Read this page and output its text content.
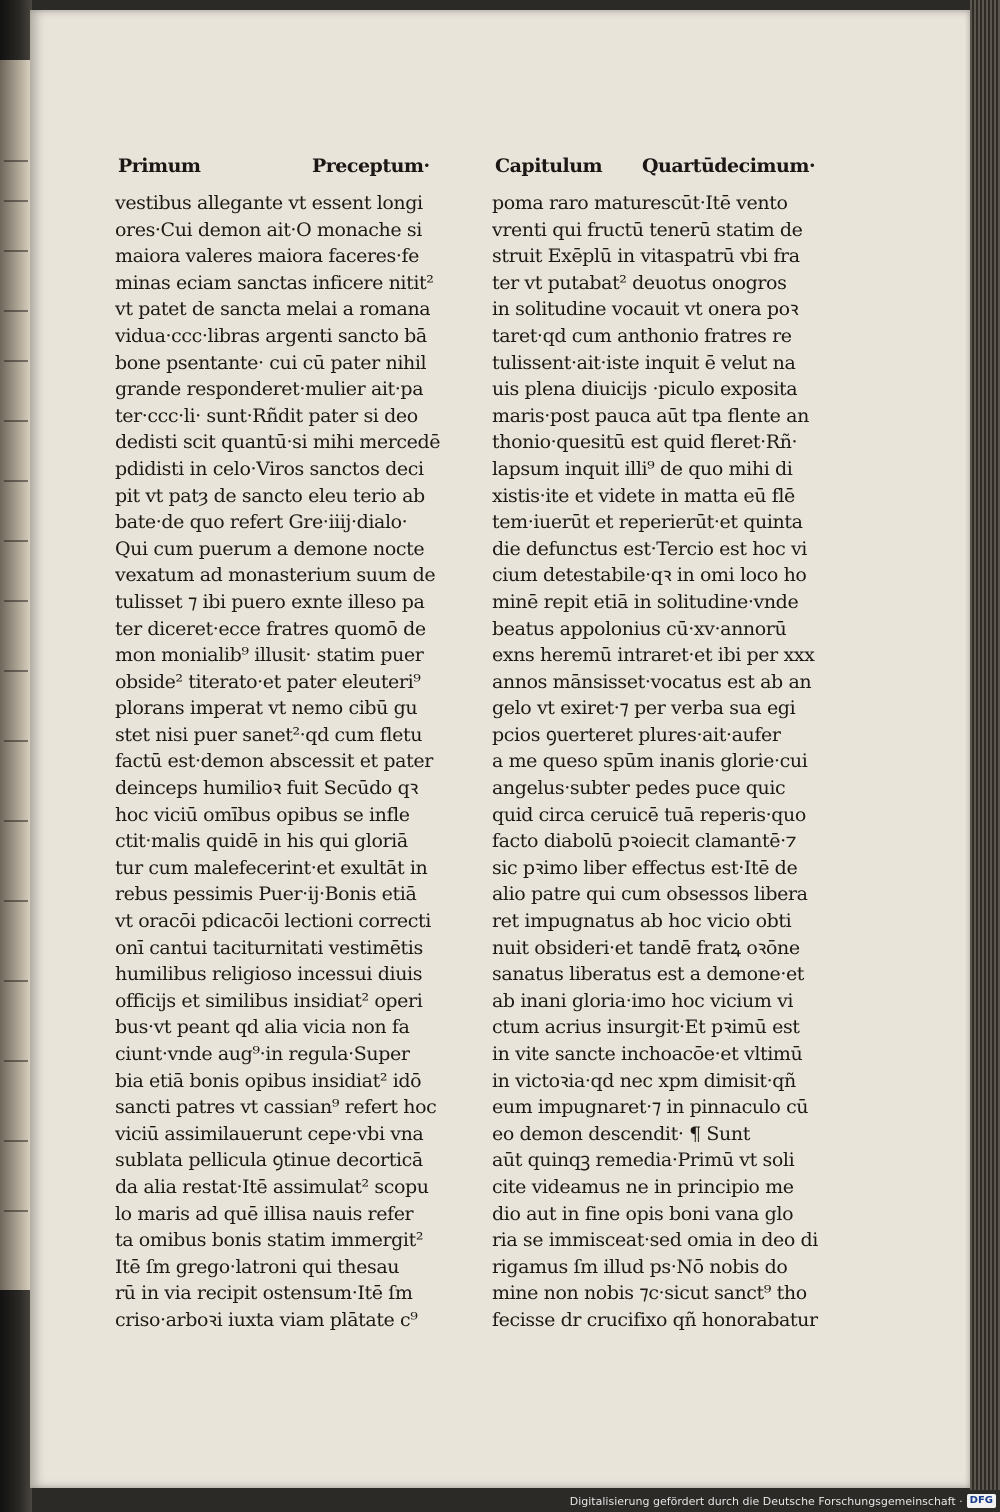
Primum	Preceptum·	Capitulum Quartūdecimum·
vestibus allegante vt essent longi
ores·Cui demon ait·O monache si
maiora valeres maiora faceres·fe
minas eciam sanctas inficere nitit²
vt patet de sancta melai a romana
vidua·ccc·libras argenti sancto bā
bone psentante· cui cū pater nihil
grande responderet·mulier ait·pa
ter·ccc·li· sunt·Rñdit pater si deo
dedisti scit quantū·si mihi mercedē
pdidisti in celo·Viros sanctos deci
pit vt patȝ de sancto eleu terio ab
bate·de quo refert Gre·iiij·dialo·
Qui cum puerum a demone nocte
vexatum ad monasterium suum de
tulisset ⁊ ibi puero exnte illeso pa
ter diceret·ecce fratres quomō de
mon monialib⁹ illusit· statim puer
obside² titerato·et pater eleuteri⁹
plorans imperat vt nemo cibū gu
stet nisi puer sanet²·qd cum fletu
factū est·demon abscessit et pater
deinceps humilioꝛ fuit Secūdo qꝛ
hoc viciū omībus opibus se infle
ctit·malis quidē in his qui gloriā
tur cum malefecerint·et exultāt in
rebus pessimis Puer·ij·Bonis etiā
vt oracōi pdicacōi lectioni correcti
onī cantui taciturnitati vestimētis
humilibus religioso incessui diuis
officijs et similibus insidiat² operi
bus·vt peant qd alia vicia non fa
ciunt·vnde aug⁹·in regula·Super
bia etiā bonis opibus insidiat² idō
sancti patres vt cassian⁹ refert hoc
viciū assimilauerunt cepe·vbi vna
sublata pellicula ꝯtinue decorticā
da alia restat·Itē assimulat² scopu
lo maris ad quē illisa nauis refer
ta omibus bonis statim immergit²
Itē ſm grego·latroni qui thesau
rū in via recipit ostensum·Itē ſm
criso·arboꝛi iuxta viam plātate c⁹
poma raro maturescūt·Itē vento
vrenti qui fructū tenerū statim de
struit Exēplū in vitaspatrū vbi fra
ter vt putabat² deuotus onogros
in solitudine vocauit vt onera poꝛ
taret·qd cum anthonio fratres re
tulissent·ait·iste inquit ē velut na
uis plena diuicijs ·piculo exposita
maris·post pauca aūt tpa flente an
thonio·quesitū est quid fleret·Rñ·
lapsum inquit illi⁹ de quo mihi di
xistis·ite et videte in matta eū flē
tem·iuerūt et reperierūt·et quinta
die defunctus est·Tercio est hoc vi
cium detestabile·qꝛ in omi loco ho
minē repit etiā in solitudine·vnde
beatus appolonius cū·xv·annorū
exns heremū intraret·et ibi per xxx
annos mānsisset·vocatus est ab an
gelo vt exiret·⁊ per verba sua egi
pcios ꝯuerteret plures·ait·aufer
a me queso spūm inanis glorie·cui
angelus·subter pedes puce quic
quid circa ceruicē tuā reperis·quo
facto diabolū pꝛoiecit clamantē·⁊
sic pꝛimo liber effectus est·Itē de
alio patre qui cum obsessos libera
ret impugnatus ab hoc vicio obti
nuit obsideri·et tandē fratꝝ oꝛōne
sanatus liberatus est a demone·et
ab inani gloria·imo hoc vicium vi
ctum acrius insurgit·Et pꝛimū est
in vite sancte inchoacōe·et vltimū
in victoꝛia·qd nec xpm dimisit·qñ
eum impugnaret·⁊ in pinnaculo cū
eo demon descendit· ¶ Sunt
aūt quinqꝫ remedia·Primū vt soli
cite videamus ne in principio me
dio aut in fine opis boni vana glo
ria se immisceat·sed omia in deo di
rigamus ſm illud ps·Nō nobis do
mine non nobis ⁊c·sicut sanct⁹ tho
fecisse dr crucifixo qñ honorabatur
Digitalisierung gefördert durch die Deutsche Forschungsgemeinschaft · DFG
